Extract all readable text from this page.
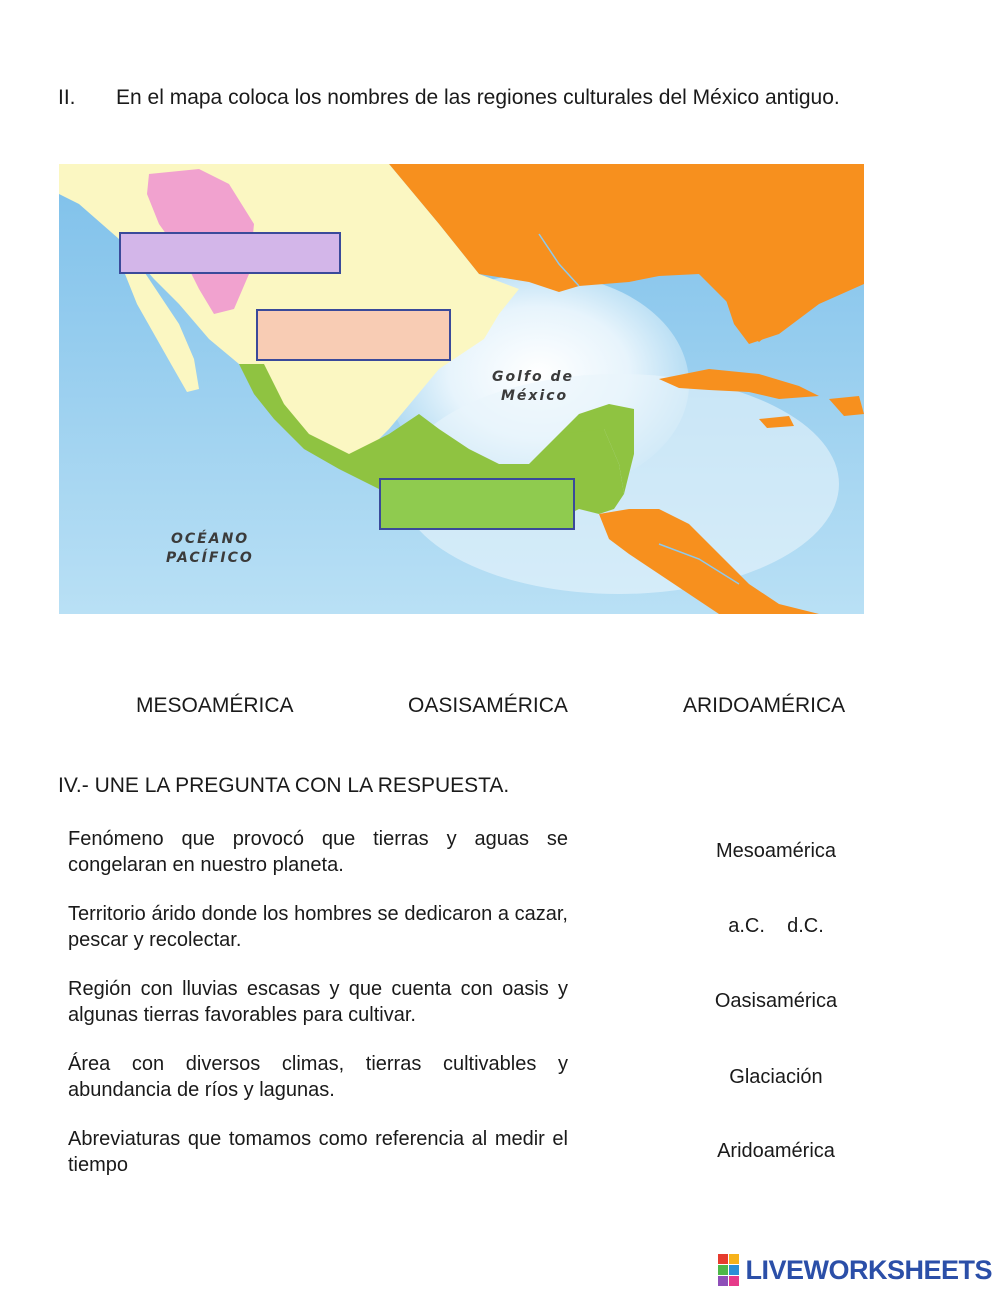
II. En el mapa coloca los nombres de las regiones culturales del México antiguo.
Golfo de
México
OCÉANO
PACÍFICO
MESOAMÉRICA	OASISAMÉRICA	ARIDOAMÉRICA
IV.- UNE LA PREGUNTA CON LA RESPUESTA.
Fenómeno que provocó que tierras y aguas se congelaran en nuestro planeta.
Territorio árido donde los hombres se dedicaron a cazar, pescar y recolectar.
Región con lluvias escasas y que cuenta con oasis y algunas tierras favorables para cultivar.
Área con diversos climas, tierras cultivables y abundancia de ríos y lagunas.
Abreviaturas que tomamos como referencia al medir el tiempo
Mesoamérica
a.C.    d.C.
Oasisamérica
Glaciación
Aridoamérica
LIVEWORKSHEETS
